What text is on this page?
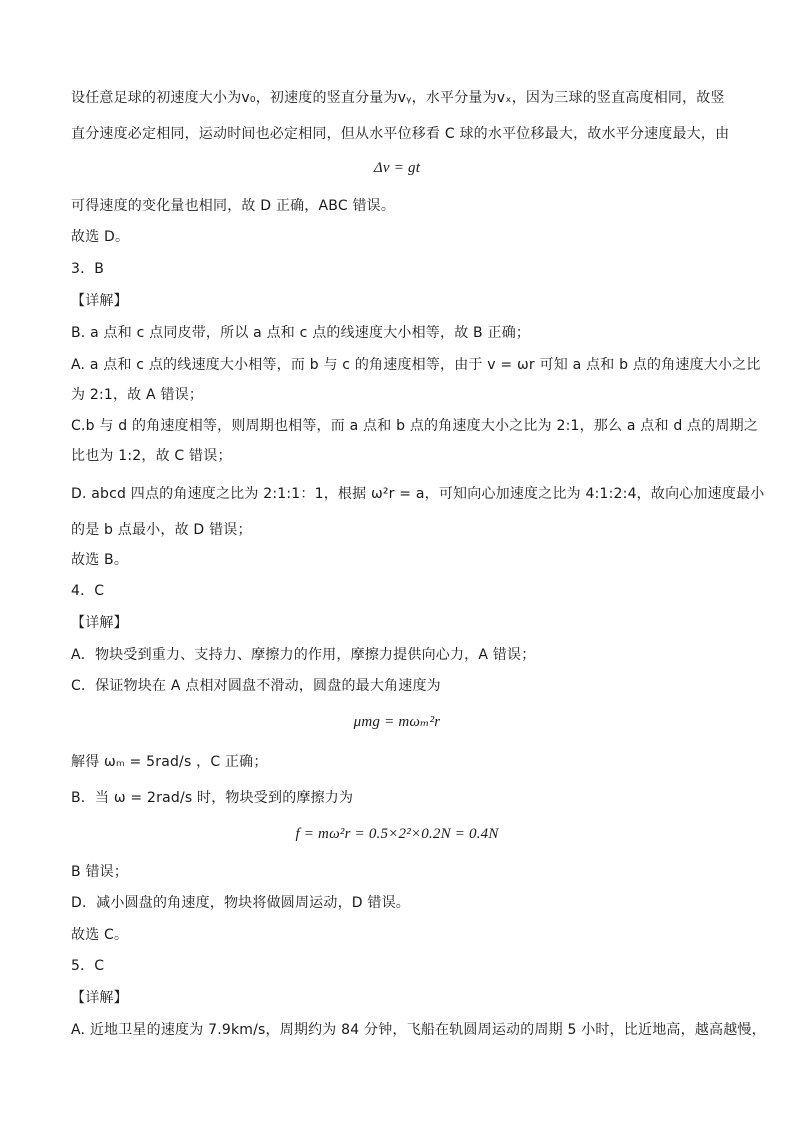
设任意足球的初速度大小为v₀，初速度的竖直分量为vᵧ，水平分量为vₓ，因为三球的竖直高度相同，故竖
直分速度必定相同，运动时间也必定相同，但从水平位移看 C 球的水平位移最大，故水平分速度最大，由
Δv = gt
可得速度的变化量也相同，故 D 正确，ABC 错误。
故选 D。
3．B
【详解】
B. a 点和 c 点同皮带，所以 a 点和 c 点的线速度大小相等，故 B 正确；
A. a 点和 c 点的线速度大小相等，而 b 与 c 的角速度相等，由于 v = ωr 可知 a 点和 b 点的角速度大小之比
为 2:1，故 A 错误；
C.b 与 d 的角速度相等，则周期也相等，而 a 点和 b 点的角速度大小之比为 2:1，那么 a 点和 d 点的周期之
比也为 1:2，故 C 错误；
D. abcd 四点的角速度之比为 2:1:1：1，根据 ω²r = a，可知向心加速度之比为 4:1:2:4，故向心加速度最小
的是 b 点最小，故 D 错误；
故选 B。
4．C
【详解】
A．物块受到重力、支持力、摩擦力的作用，摩擦力提供向心力，A 错误；
C．保证物块在 A 点相对圆盘不滑动，圆盘的最大角速度为
μmg = mωₘ²r
解得 ωₘ = 5rad/s ，C 正确；
B．当 ω = 2rad/s 时，物块受到的摩擦力为
f = mω²r = 0.5×2²×0.2N = 0.4N
B 错误；
D．减小圆盘的角速度，物块将做圆周运动，D 错误。
故选 C。
5．C
【详解】
A. 近地卫星的速度为 7.9km/s，周期约为 84 分钟，飞船在轨圆周运动的周期 5 小时，比近地高，越高越慢，
